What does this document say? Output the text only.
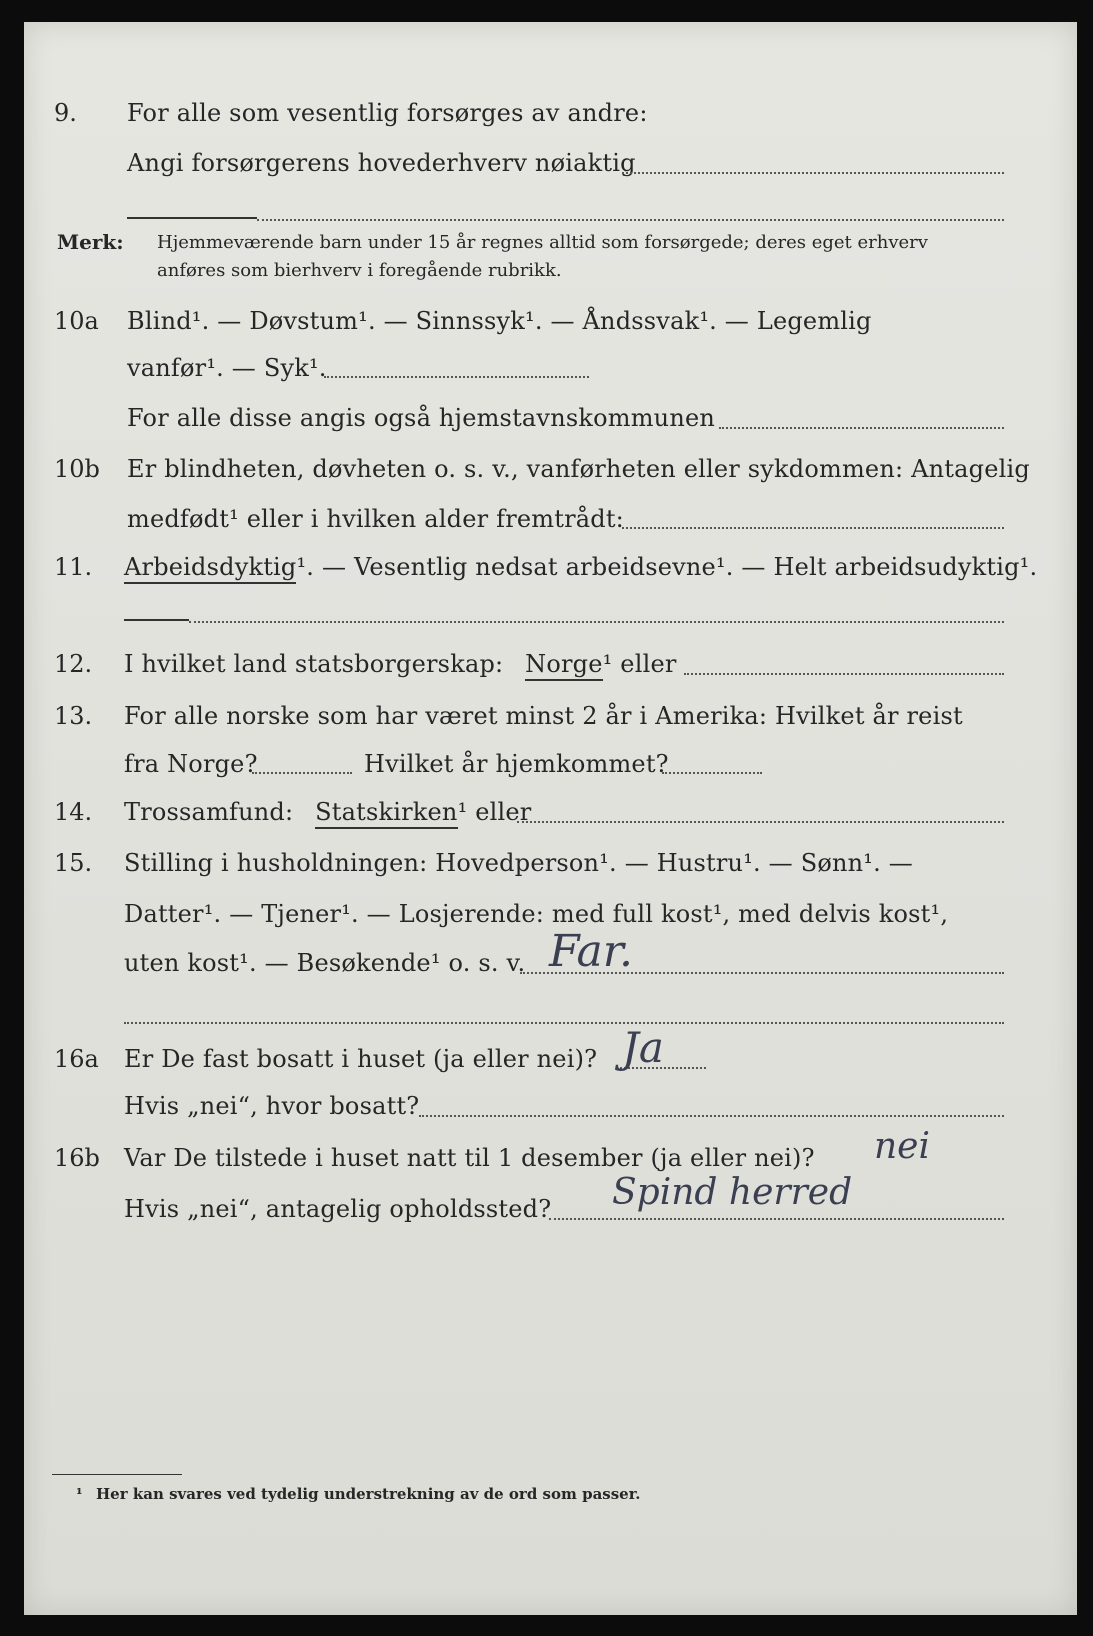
9. For alle som vesentlig forsørges av andre:
Angi forsørgerens hovederhverv nøiaktig
Merk: Hjemmeværende barn under 15 år regnes alltid som forsørgede; deres eget erhverv
anføres som bierhverv i foregående rubrikk.
10a Blind¹. — Døvstum¹. — Sinnssyk¹. — Åndssvak¹. — Legemlig
vanfør¹. — Syk¹.
For alle disse angis også hjemstavnskommunen
10b Er blindheten, døvheten o. s. v., vanførheten eller sykdommen: Antagelig
medfødt¹ eller i hvilken alder fremtrådt:
11. Arbeidsdyktig¹. — Vesentlig nedsat arbeidsevne¹. — Helt arbeidsudyktig¹.
12. I hvilket land statsborgerskap: Norge¹ eller
13. For alle norske som har været minst 2 år i Amerika: Hvilket år reist
fra Norge?	Hvilket år hjemkommet?
14. Trossamfund: Statskirken¹ eller
15. Stilling i husholdningen: Hovedperson¹. — Hustru¹. — Sønn¹. —
Datter¹. — Tjener¹. — Losjerende: med full kost¹, med delvis kost¹,
uten kost¹. — Besøkende¹ o. s. v. Far.
16a Er De fast bosatt i huset (ja eller nei)? Ja
Hvis „nei“, hvor bosatt?
16b Var De tilstede i huset natt til 1 desember (ja eller nei)? nei
Hvis „nei“, antagelig opholdssted? Spind herred
¹ Her kan svares ved tydelig understrekning av de ord som passer.
